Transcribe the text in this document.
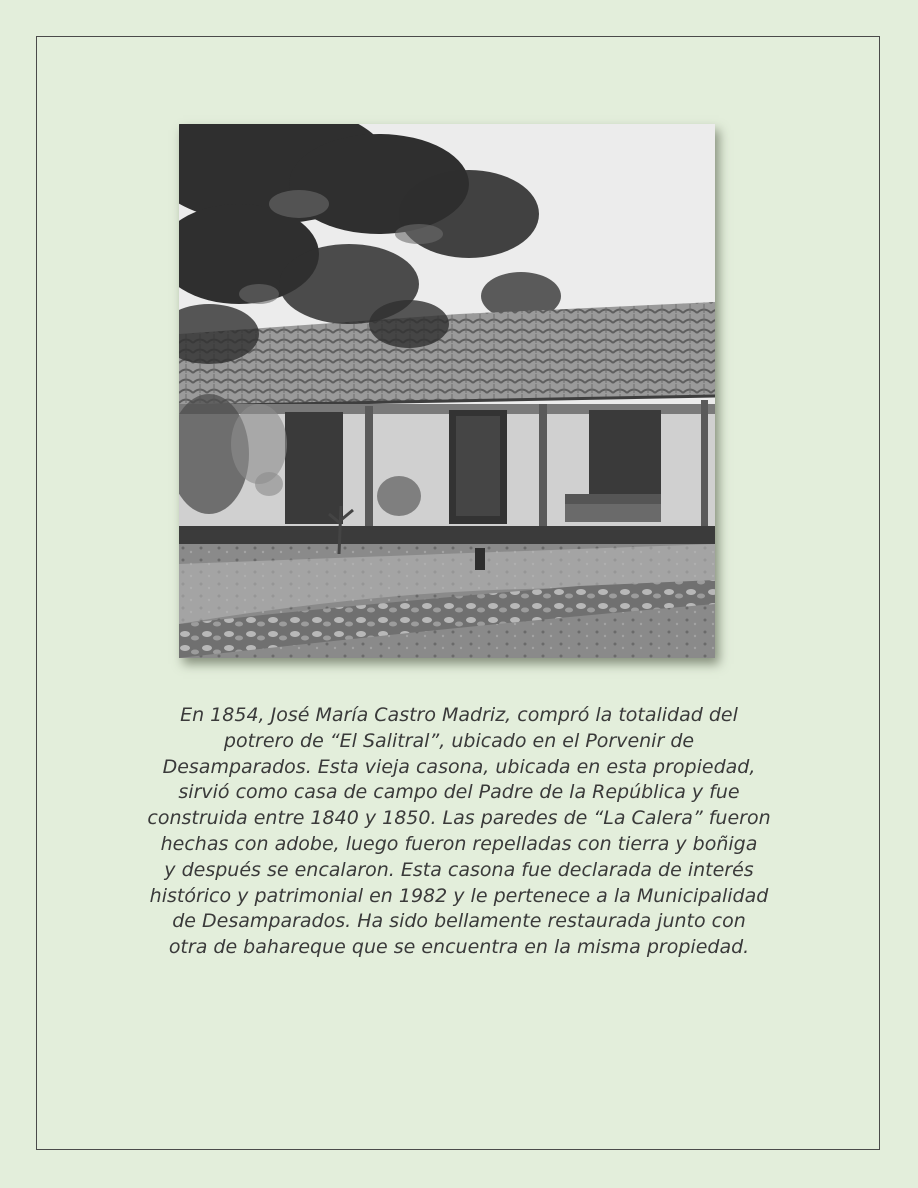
En 1854, José María Castro Madriz, compró la totalidad del
potrero de “El Salitral”, ubicado en el Porvenir de
Desamparados. Esta vieja casona, ubicada en esta propiedad,
sirvió como casa de campo del Padre de la República y fue
construida entre 1840 y 1850. Las paredes de “La Calera” fueron
hechas con adobe, luego fueron repelladas con tierra y boñiga
y después se encalaron. Esta casona fue declarada de interés
histórico y patrimonial en 1982 y le pertenece a la Municipalidad
de Desamparados. Ha sido bellamente restaurada junto con
otra de bahareque que se encuentra en la misma propiedad.
